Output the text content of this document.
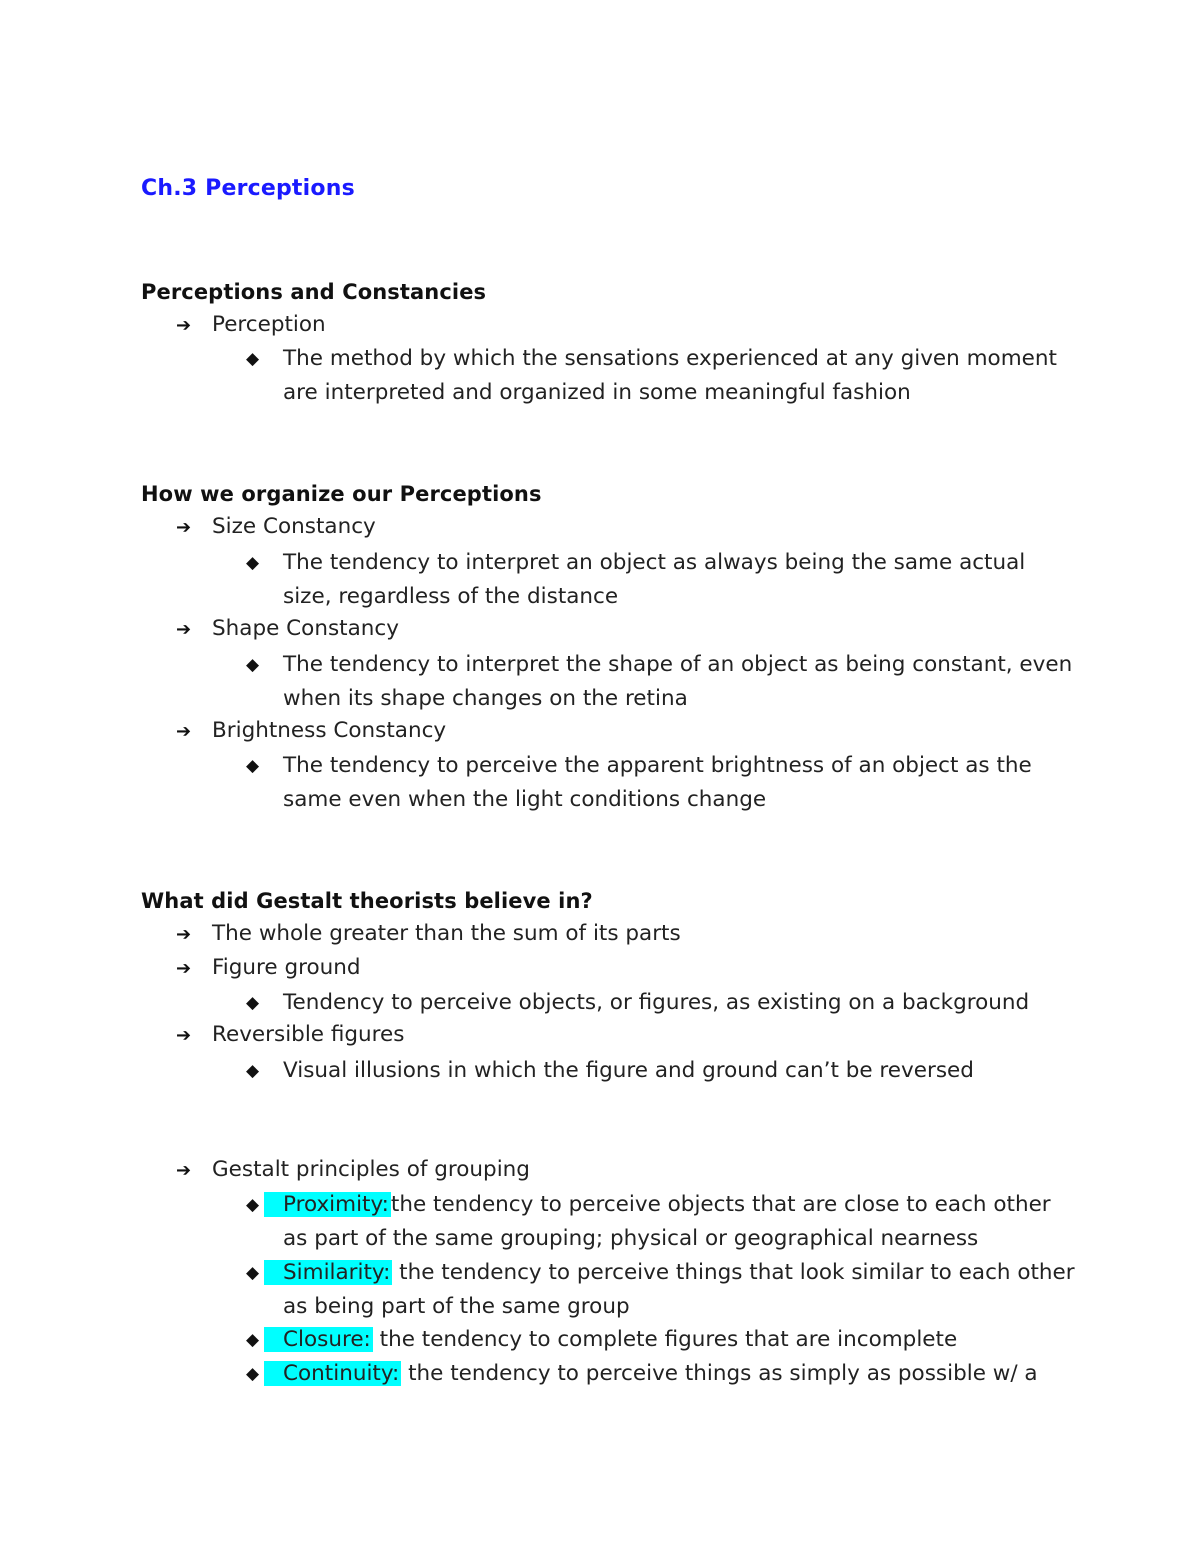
Ch.3 Perceptions
Perceptions and Constancies
➔ Perception
◆	The method by which the sensations experienced at any given moment are interpreted and organized in some meaningful fashion
How we organize our Perceptions
➔ Size Constancy
◆	The tendency to interpret an object as always being the same actual size, regardless of the distance
➔ Shape Constancy
◆	The tendency to interpret the shape of an object as being constant, even when its shape changes on the retina
➔ Brightness Constancy
◆	The tendency to perceive the apparent brightness of an object as the same even when the light conditions change
What did Gestalt theorists believe in?
➔ The whole greater than the sum of its parts
➔ Figure ground
◆	Tendency to perceive objects, or figures, as existing on a background
➔ Reversible figures
◆	Visual illusions in which the figure and ground can’t be reversed
➔ Gestalt principles of grouping
◆	Proximity:the tendency to perceive objects that are close to each other as part of the same grouping; physical or geographical nearness
◆	Similarity: the tendency to perceive things that look similar to each other as being part of the same group
◆	Closure: the tendency to complete figures that are incomplete
◆	Continuity: the tendency to perceive things as simply as possible w/ a
